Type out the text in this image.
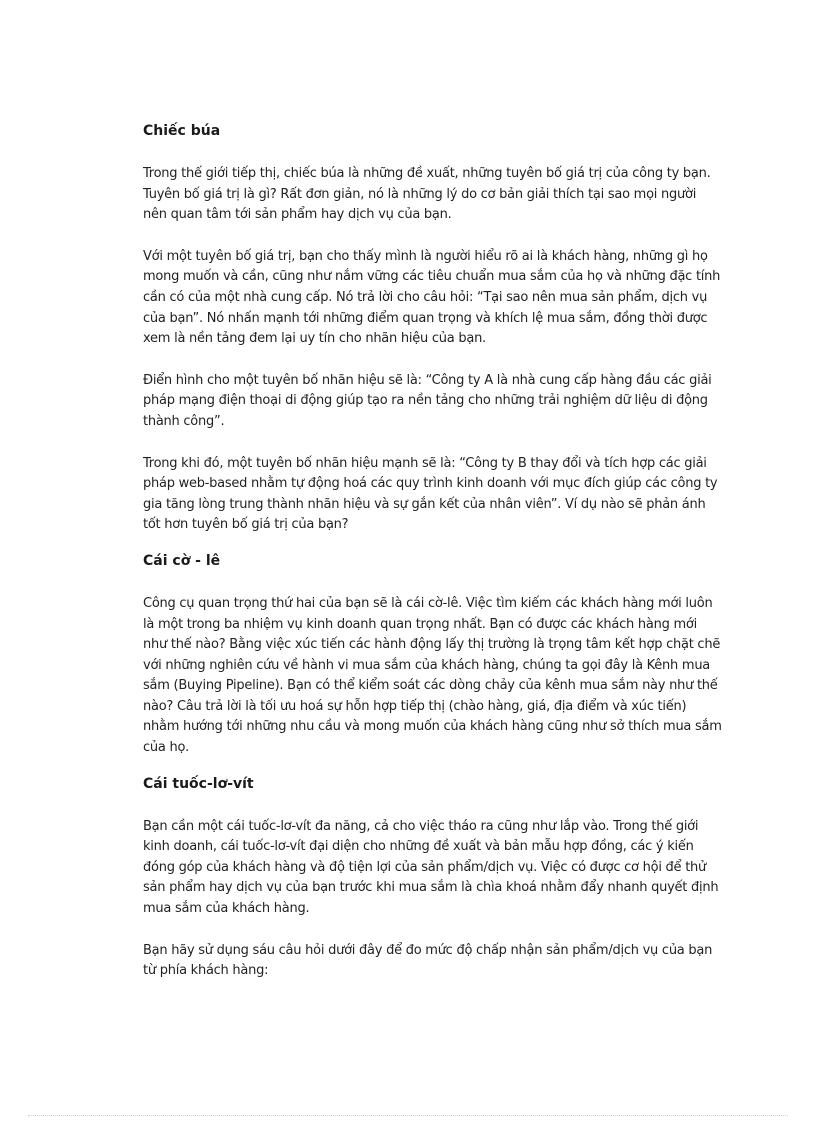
Chiếc búa

Trong thế giới tiếp thị, chiếc búa là những đề xuất, những tuyên bố giá trị của công ty bạn.
Tuyên bố giá trị là gì? Rất đơn giản, nó là những lý do cơ bản giải thích tại sao mọi người
nên quan tâm tới sản phẩm hay dịch vụ của bạn.

Với một tuyên bố giá trị, bạn cho thấy mình là người hiểu rõ ai là khách hàng, những gì họ
mong muốn và cần, cũng như nắm vững các tiêu chuẩn mua sắm của họ và những đặc tính
cần có của một nhà cung cấp. Nó trả lời cho câu hỏi: “Tại sao nên mua sản phẩm, dịch vụ
của bạn”. Nó nhấn mạnh tới những điểm quan trọng và khích lệ mua sắm, đồng thời được
xem là nền tảng đem lại uy tín cho nhãn hiệu của bạn.

Điển hình cho một tuyên bố nhãn hiệu sẽ là: “Công ty A là nhà cung cấp hàng đầu các giải
pháp mạng điện thoại di động giúp tạo ra nền tảng cho những trải nghiệm dữ liệu di động
thành công”.

Trong khi đó, một tuyên bố nhãn hiệu mạnh sẽ là: “Công ty B thay đổi và tích hợp các giải
pháp web-based nhằm tự động hoá các quy trình kinh doanh với mục đích giúp các công ty
gia tăng lòng trung thành nhãn hiệu và sự gắn kết của nhân viên”. Ví dụ nào sẽ phản ánh
tốt hơn tuyên bố giá trị của bạn?

Cái cờ - lê

Công cụ quan trọng thứ hai của bạn sẽ là cái cờ-lê. Việc tìm kiếm các khách hàng mới luôn
là một trong ba nhiệm vụ kinh doanh quan trọng nhất. Bạn có được các khách hàng mới
như thế nào? Bằng việc xúc tiến các hành động lấy thị trường là trọng tâm kết hợp chặt chẽ
với những nghiên cứu về hành vi mua sắm của khách hàng, chúng ta gọi đây là Kênh mua
sắm (Buying Pipeline). Bạn có thể kiểm soát các dòng chảy của kênh mua sắm này như thế
nào? Câu trả lời là tối ưu hoá sự hỗn hợp tiếp thị (chào hàng, giá, địa điểm và xúc tiến)
nhằm hướng tới những nhu cầu và mong muốn của khách hàng cũng như sở thích mua sắm
của họ.

Cái tuốc-lơ-vít

Bạn cần một cái tuốc-lơ-vít đa năng, cả cho việc tháo ra cũng như lắp vào. Trong thế giới
kinh doanh, cái tuốc-lơ-vít đại diện cho những đề xuất và bản mẫu hợp đồng, các ý kiến
đóng góp của khách hàng và độ tiện lợi của sản phẩm/dịch vụ. Việc có được cơ hội để thử
sản phẩm hay dịch vụ của bạn trước khi mua sắm là chìa khoá nhằm đẩy nhanh quyết định
mua sắm của khách hàng.

Bạn hãy sử dụng sáu câu hỏi dưới đây để đo mức độ chấp nhận sản phẩm/dịch vụ của bạn
từ phía khách hàng:
